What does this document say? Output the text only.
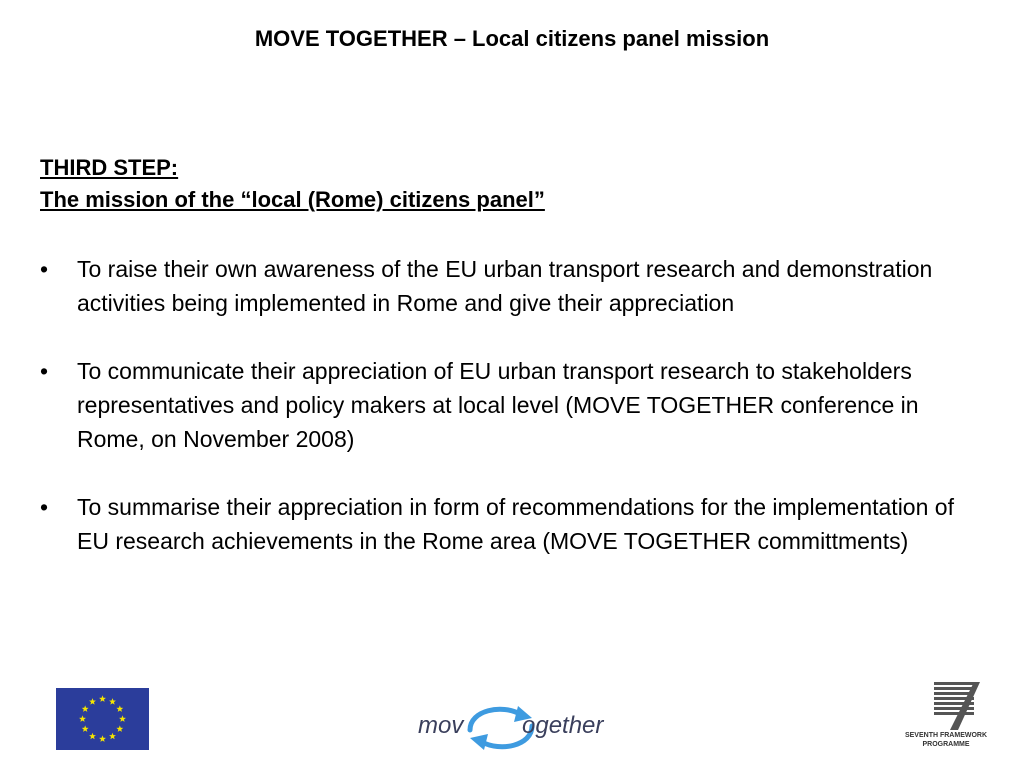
MOVE TOGETHER – Local citizens panel mission
THIRD STEP:
The mission of the “local (Rome) citizens panel”
• To raise their own awareness of the EU urban transport research and demonstration activities being implemented in Rome and give their appreciation
• To communicate their appreciation of EU urban transport research to stakeholders representatives and policy makers at local level (MOVE TOGETHER conference in Rome, on November 2008)
• To summarise their appreciation in form of recommendations for the implementation of EU research achievements in the Rome area (MOVE TOGETHER committments)
mov ogether	SEVENTH FRAMEWORK
PROGRAMME
